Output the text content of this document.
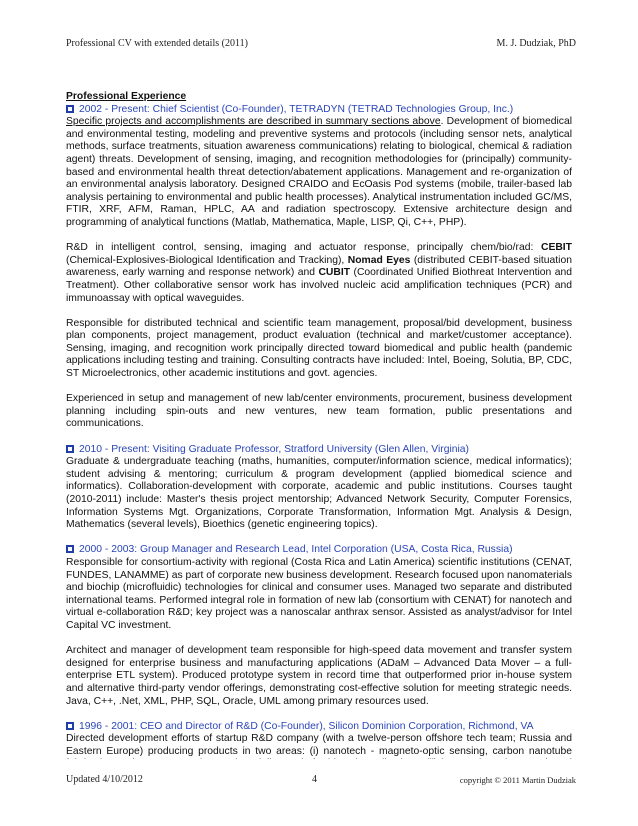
Professional CV with extended details (2011)	M. J. Dudziak, PhD
Professional Experience
2002 - Present: Chief Scientist (Co-Founder), TETRADYN (TETRAD Technologies Group, Inc.)

Specific projects and accomplishments are described in summary sections above. Development of biomedical and environmental testing, modeling and preventive systems and protocols (including sensor nets, analytical methods, surface treatments, situation awareness communications) relating to biological, chemical & radiation agent) threats. Development of sensing, imaging, and recognition methodologies for (principally) community-based and environmental health threat detection/abatement applications. Management and re-organization of an environmental analysis laboratory. Designed CRAIDO and EcOasis Pod systems (mobile, trailer-based lab analysis pertaining to environmental and public health processes). Analytical instrumentation included GC/MS, FTIR, XRF, AFM, Raman, HPLC, AA and radiation spectroscopy. Extensive architecture design and programming of analytical functions (Matlab, Mathematica, Maple, LISP, Qi, C++, PHP).

R&D in intelligent control, sensing, imaging and actuator response, principally chem/bio/rad: CEBIT (Chemical-Explosives-Biological Identification and Tracking), Nomad Eyes (distributed CEBIT-based situation awareness, early warning and response network) and CUBIT (Coordinated Unified Biothreat Intervention and Treatment). Other collaborative sensor work has involved nucleic acid amplification techniques (PCR) and immunoassay with optical waveguides.

Responsible for distributed technical and scientific team management, proposal/bid development, business plan components, project management, product evaluation (technical and market/customer acceptance). Sensing, imaging, and recognition work principally directed toward biomedical and public health (pandemic applications including testing and training. Consulting contracts have included: Intel, Boeing, Solutia, BP, CDC, ST Microelectronics, other academic institutions and govt. agencies.

Experienced in setup and management of new lab/center environments, procurement, business development planning including spin-outs and new ventures, new team formation, public presentations and communications.

2010 - Present: Visiting Graduate Professor, Stratford University (Glen Allen, Virginia)

Graduate & undergraduate teaching (maths, humanities, computer/information science, medical informatics); student advising & mentoring; curriculum & program development (applied biomedical science and informatics). Collaboration-development with corporate, academic and public institutions. Courses taught (2010-2011) include: Master's thesis project mentorship; Advanced Network Security, Computer Forensics, Information Systems Mgt. Organizations, Corporate Transformation, Information Mgt. Analysis & Design, Mathematics (several levels), Bioethics (genetic engineering topics).

2000 - 2003: Group Manager and Research Lead, Intel Corporation (USA, Costa Rica, Russia)

Responsible for consortium-activity with regional (Costa Rica and Latin America) scientific institutions (CENAT, FUNDES, LANAMME) as part of corporate new business development. Research focused upon nanomaterials and biochip (microfluidic) technologies for clinical and consumer uses. Managed two separate and distributed international teams. Performed integral role in formation of new lab (consortium with CENAT) for nanotech and virtual e-collaboration R&D; key project was a nanoscalar anthrax sensor. Assisted as analyst/advisor for Intel Capital VC investment.

Architect and manager of development team responsible for high-speed data movement and transfer system designed for enterprise business and manufacturing applications (ADaM – Advanced Data Mover – a full-enterprise ETL system). Produced prototype system in record time that outperformed prior in-house system and alternative third-party vendor offerings, demonstrating cost-effective solution for meeting strategic needs. Java, C++, .Net, XML, PHP, SQL, Oracle, UML among primary resources used.

1996 - 2001: CEO and Director of R&D (Co-Founder), Silicon Dominion Corporation, Richmond, VA

Directed development efforts of startup R&D company (with a twelve-person offshore tech team; Russia and Eastern Europe) producing products in two areas: (i) nanotech - magneto-optic sensing, carbon nanotube

Updated 4/10/2012	4	copyright © 2011 Martin Dudziak
